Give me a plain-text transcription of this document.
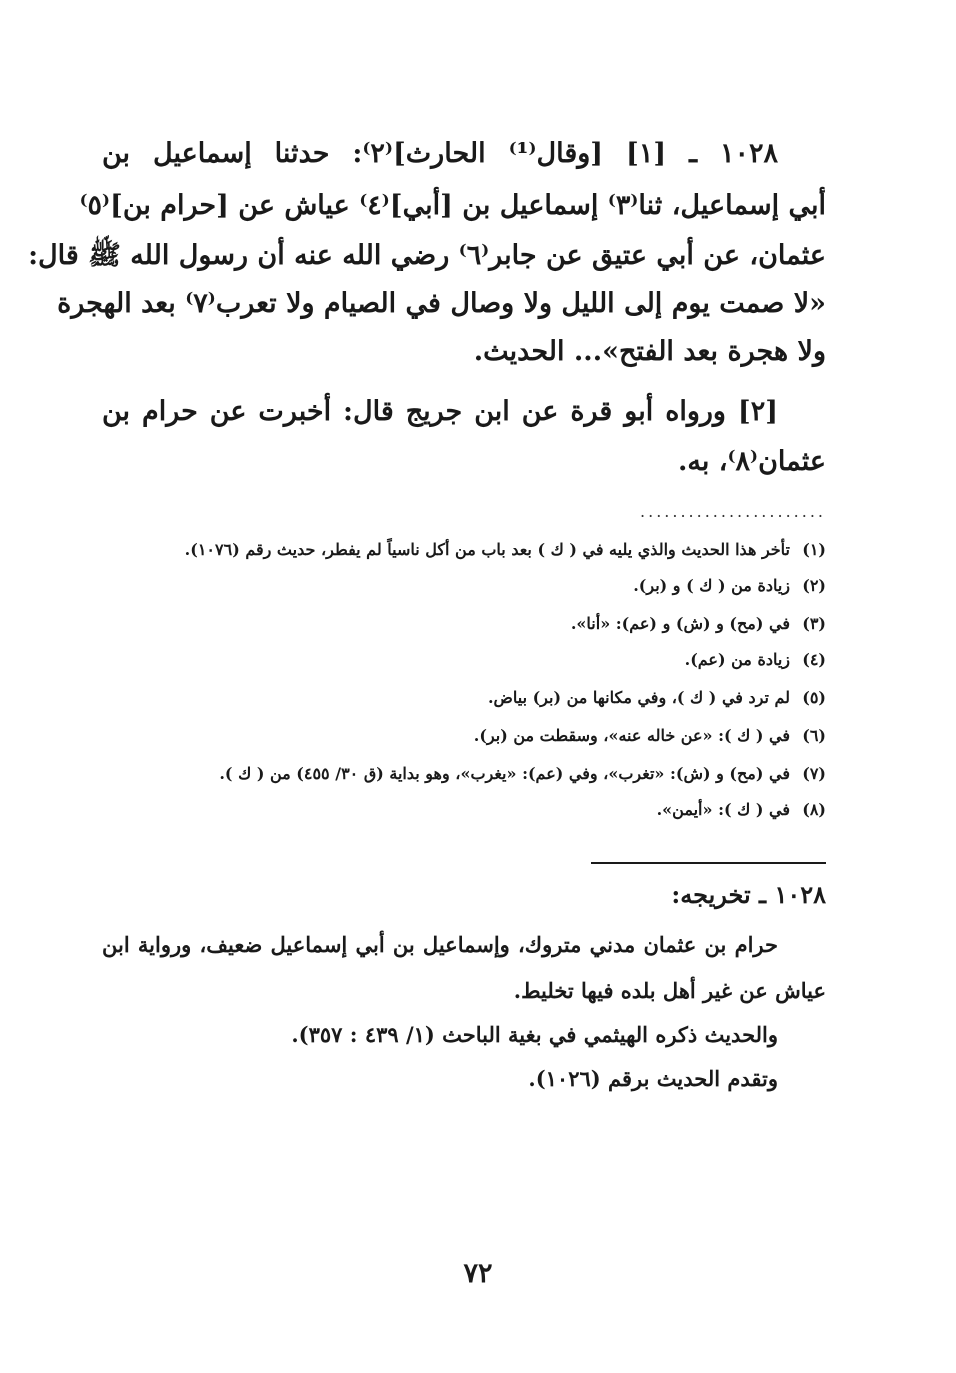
١٠٢٨ ـ [١] [وقال⁽¹⁾ الحارث]⁽٢⁾: حدثنا إسماعيل بن
أبي إسماعيل، ثنا⁽٣⁾ إسماعيل بن [أبي]⁽٤⁾ عياش عن [حرام بن]⁽٥⁾
عثمان، عن أبي عتيق عن جابر⁽٦⁾ رضي الله عنه أن رسول الله ﷺ قال:
«لا صمت يوم إلى الليل ولا وصال في الصيام ولا تعرب⁽٧⁾ بعد الهجرة
ولا هجرة بعد الفتح»... الحديث.
[٢] ورواه أبو قرة عن ابن جريج قال: أخبرت عن حرام بن
عثمان⁽٨⁾، به.
.......................
(١)تأخر هذا الحديث والذي يليه في ( ك ) بعد باب من أكل ناسياً لم يفطر، حديث رقم (١٠٧٦).
(٢)زيادة من ( ك ) و (بر).
(٣)في (مح) و (ش) و (عم): «أنا».
(٤)زيادة من (عم).
(٥)لم ترد في ( ك )، وفي مكانها من (بر) بياض.
(٦)في ( ك ): «عن خاله عنه»، وسقطت من (بر).
(٧)في (مح) و (ش): «تغرب»، وفي (عم): «يغرب»، وهو بداية (ق ٣٠/ ٤٥٥) من ( ك ).
(٨)في ( ك ): «أيمن».
١٠٢٨ ـ تخريجه:
حرام بن عثمان مدني متروك، وإسماعيل بن أبي إسماعيل ضعيف، ورواية ابن
عياش عن غير أهل بلده فيها تخليط.
والحديث ذكره الهيثمي في بغية الباحث (١/ ٤٣٩ : ٣٥٧).
وتقدم الحديث برقم (١٠٢٦).
٧٢
